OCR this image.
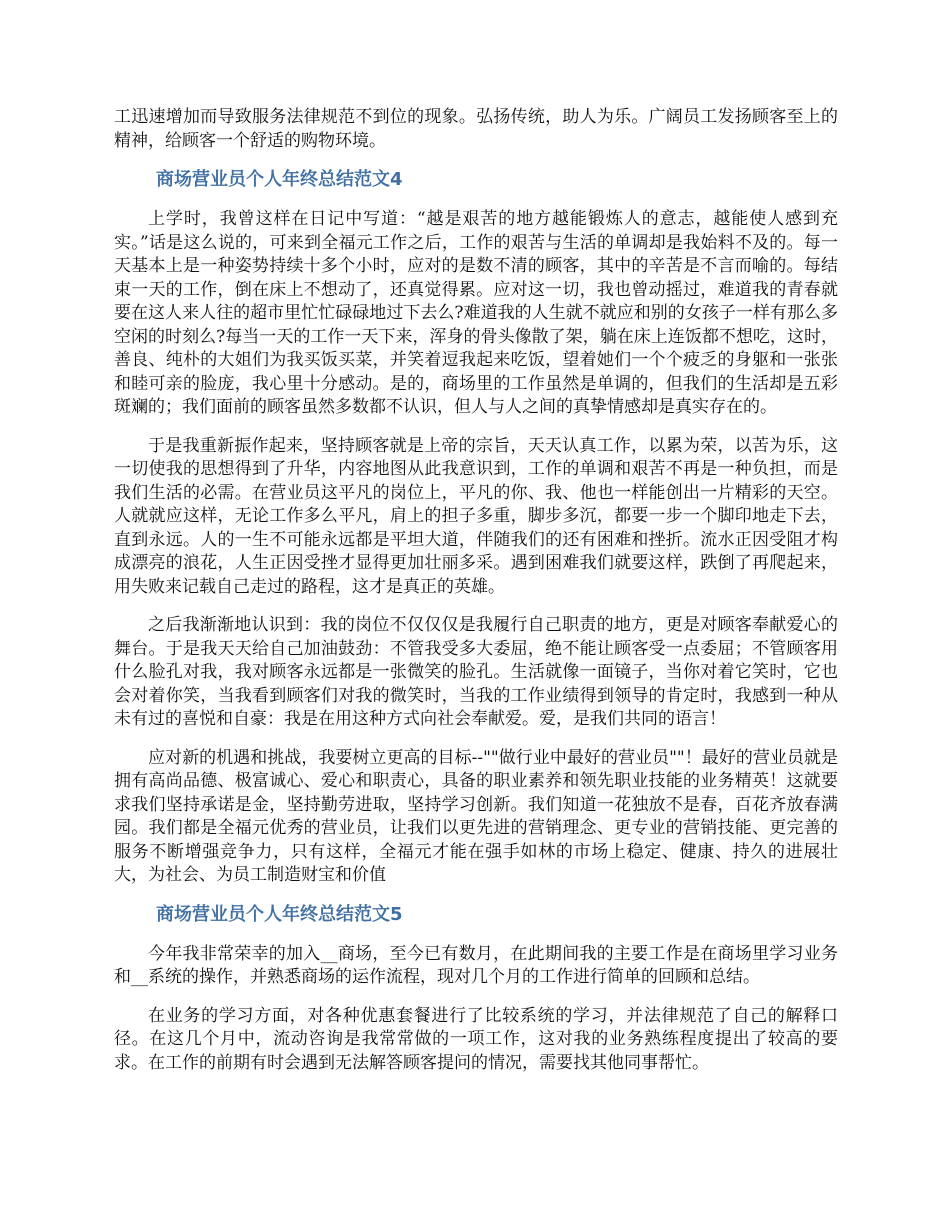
工迅速增加而导致服务法律规范不到位的现象。弘扬传统，助人为乐。广阔员工发扬顾客至上的精神，给顾客一个舒适的购物环境。

商场营业员个人年终总结范文4

上学时，我曾这样在日记中写道：“越是艰苦的地方越能锻炼人的意志，越能使人感到充实。”话是这么说的，可来到全福元工作之后，工作的艰苦与生活的单调却是我始料不及的。每一天基本上是一种姿势持续十多个小时，应对的是数不清的顾客，其中的辛苦是不言而喻的。每结束一天的工作，倒在床上不想动了，还真觉得累。应对这一切，我也曾动摇过，难道我的青春就要在这人来人往的超市里忙忙碌碌地过下去么?难道我的人生就不就应和别的女孩子一样有那么多空闲的时刻么?每当一天的工作一天下来，浑身的骨头像散了架，躺在床上连饭都不想吃，这时，善良、纯朴的大姐们为我买饭买菜，并笑着逗我起来吃饭，望着她们一个个疲乏的身躯和一张张和睦可亲的脸庞，我心里十分感动。是的，商场里的工作虽然是单调的，但我们的生活却是五彩斑斓的；我们面前的顾客虽然多数都不认识，但人与人之间的真挚情感却是真实存在的。

于是我重新振作起来，坚持顾客就是上帝的宗旨，天天认真工作，以累为荣，以苦为乐，这一切使我的思想得到了升华，内容地图从此我意识到，工作的单调和艰苦不再是一种负担，而是我们生活的必需。在营业员这平凡的岗位上，平凡的你、我、他也一样能创出一片精彩的天空。人就就应这样，无论工作多么平凡，肩上的担子多重，脚步多沉，都要一步一个脚印地走下去，直到永远。人的一生不可能永远都是平坦大道，伴随我们的还有困难和挫折。流水正因受阻才构成漂亮的浪花，人生正因受挫才显得更加壮丽多采。遇到困难我们就要这样，跌倒了再爬起来，用失败来记载自己走过的路程，这才是真正的英雄。

之后我渐渐地认识到：我的岗位不仅仅仅是我履行自己职责的地方，更是对顾客奉献爱心的舞台。于是我天天给自己加油鼓劲：不管我受多大委屈，绝不能让顾客受一点委屈；不管顾客用什么脸孔对我，我对顾客永远都是一张微笑的脸孔。生活就像一面镜子，当你对着它笑时，它也会对着你笑，当我看到顾客们对我的微笑时，当我的工作业绩得到领导的肯定时，我感到一种从未有过的喜悦和自豪：我是在用这种方式向社会奉献爱。爱，是我们共同的语言！

应对新的机遇和挑战，我要树立更高的目标--""做行业中最好的营业员""！最好的营业员就是拥有高尚品德、极富诚心、爱心和职责心，具备的职业素养和领先职业技能的业务精英！这就要求我们坚持承诺是金，坚持勤劳进取，坚持学习创新。我们知道一花独放不是春，百花齐放春满园。我们都是全福元优秀的营业员，让我们以更先进的营销理念、更专业的营销技能、更完善的服务不断增强竞争力，只有这样，全福元才能在强手如林的市场上稳定、健康、持久的进展壮大，为社会、为员工制造财宝和价值

商场营业员个人年终总结范文5

今年我非常荣幸的加入__商场，至今已有数月，在此期间我的主要工作是在商场里学习业务和__系统的操作，并熟悉商场的运作流程，现对几个月的工作进行简单的回顾和总结。

在业务的学习方面，对各种优惠套餐进行了比较系统的学习，并法律规范了自己的解释口径。在这几个月中，流动咨询是我常常做的一项工作，这对我的业务熟练程度提出了较高的要求。在工作的前期有时会遇到无法解答顾客提问的情况，需要找其他同事帮忙。
